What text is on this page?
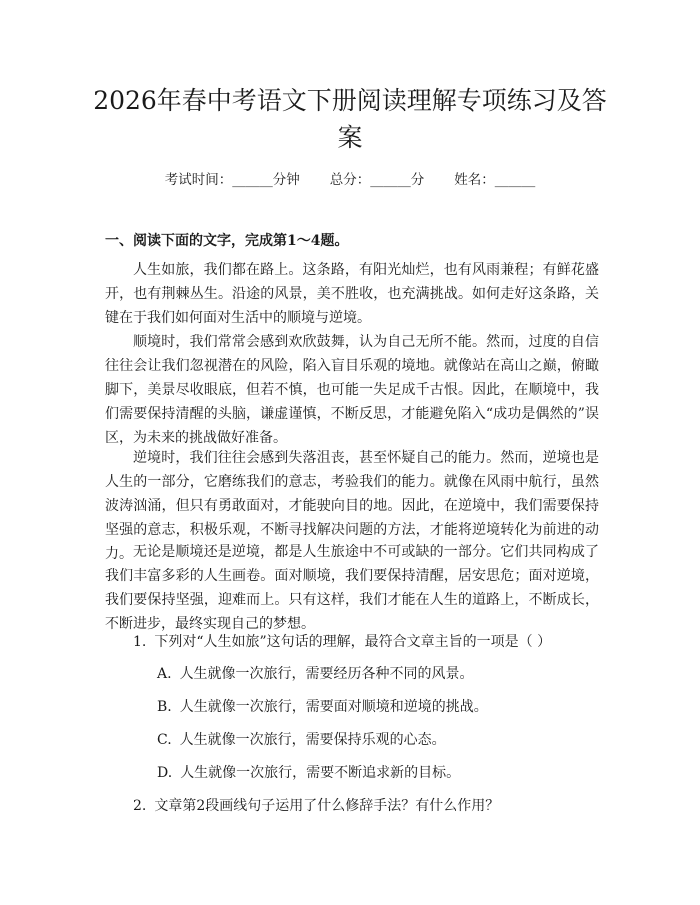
2026年春中考语文下册阅读理解专项练习及答案
考试时间：______分钟 总分：______分 姓名：______

一、阅读下面的文字，完成第1～4题。

人生如旅，我们都在路上。这条路，有阳光灿烂，也有风雨兼程；有鲜花盛开，也有荆棘丛生。沿途的风景，美不胜收，也充满挑战。如何走好这条路，关键在于我们如何面对生活中的顺境与逆境。

顺境时，我们常常会感到欢欣鼓舞，认为自己无所不能。然而，过度的自信往往会让我们忽视潜在的风险，陷入盲目乐观的境地。就像站在高山之巅，俯瞰脚下，美景尽收眼底，但若不慎，也可能一失足成千古恨。因此，在顺境中，我们需要保持清醒的头脑，谦虚谨慎，不断反思，才能避免陷入“成功是偶然的”误区，为未来的挑战做好准备。

逆境时，我们往往会感到失落沮丧，甚至怀疑自己的能力。然而，逆境也是人生的一部分，它磨练我们的意志，考验我们的能力。就像在风雨中航行，虽然波涛汹涌，但只有勇敢面对，才能驶向目的地。因此，在逆境中，我们需要保持坚强的意志，积极乐观，不断寻找解决问题的方法，才能将逆境转化为前进的动力。 无论是顺境还是逆境，都是人生旅途中不可或缺的一部分。它们共同构成了我们丰富多彩的人生画卷。面对顺境，我们要保持清醒，居安思危；面对逆境，我们要保持坚强，迎难而上。只有这样，我们才能在人生的道路上，不断成长，不断进步，最终实现自己的梦想。

1. 下列对“人生如旅”这句话的理解，最符合文章主旨的一项是（ ）

A. 人生就像一次旅行，需要经历各种不同的风景。

B. 人生就像一次旅行，需要面对顺境和逆境的挑战。

C. 人生就像一次旅行，需要保持乐观的心态。

D. 人生就像一次旅行，需要不断追求新的目标。

2. 文章第2段画线句子运用了什么修辞手法？有什么作用？
